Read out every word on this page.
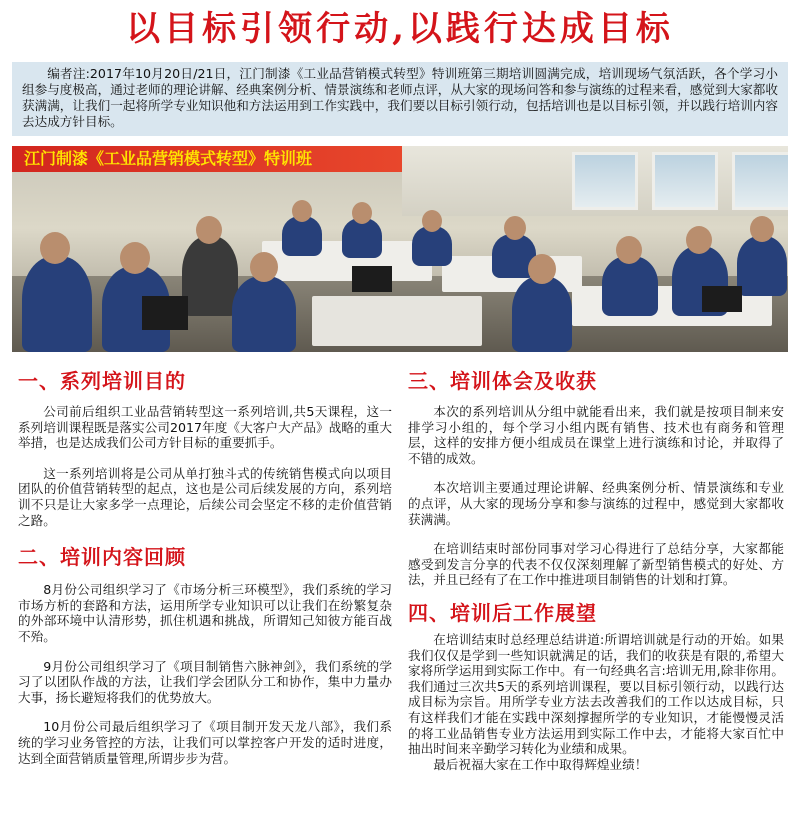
以目标引领行动,以践行达成目标
编者注:2017年10月20日/21日，江门制漆《工业品营销模式转型》特训班第三期培训圆满完成，培训现场气氛活跃，各个学习小组参与度极高，通过老师的理论讲解、经典案例分析、情景演练和老师点评，从大家的现场问答和参与演练的过程来看，感觉到大家都收获满满，让我们一起将所学专业知识他和方法运用到工作实践中，我们要以目标引领行动，包括培训也是以目标引领，并以践行培训内容去达成方针目标。
江门制漆《工业品营销模式转型》特训班
一、系列培训目的

公司前后组织工业品营销转型这一系列培训,共5天课程，这一系列培训课程既是落实公司2017年度《大客户大产品》战略的重大举措，也是达成我们公司方针目标的重要抓手。

这一系列培训将是公司从单打独斗式的传统销售模式向以项目团队的价值营销转型的起点，这也是公司后续发展的方向，系列培训不只是让大家多学一点理论，后续公司会坚定不移的走价值营销之路。

二、培训内容回顾

8月份公司组织学习了《市场分析三环模型》，我们系统的学习市场方析的套路和方法，运用所学专业知识可以让我们在纷繁复杂的外部环境中认清形势，抓住机遇和挑战，所谓知己知彼方能百战不殆。

9月份公司组织学习了《项目制销售六脉神剑》，我们系统的学习了以团队作战的方法，让我们学会团队分工和协作，集中力量办大事，扬长避短将我们的优势放大。

10月份公司最后组织学习了《项目制开发天龙八部》，我们系统的学习业务管控的方法，让我们可以掌控客户开发的适时进度，达到全面营销质量管理,所谓步步为营。

三、培训体会及收获

本次的系列培训从分组中就能看出来，我们就是按项目制来安排学习小组的，每个学习小组内既有销售、技术也有商务和管理层，这样的安排方便小组成员在课堂上进行演练和讨论，并取得了不错的成效。

本次培训主要通过理论讲解、经典案例分析、情景演练和专业的点评，从大家的现场分享和参与演练的过程中，感觉到大家都收获满满。

在培训结束时部份同事对学习心得进行了总结分享，大家都能感受到发言分享的代表不仅仅深刻理解了新型销售模式的好处、方法，并且已经有了在工作中推进项目制销售的计划和打算。

四、培训后工作展望

在培训结束时总经理总结讲道:所谓培训就是行动的开始。如果我们仅仅是学到一些知识就满足的话，我们的收获是有限的,希望大家将所学运用到实际工作中。有一句经典名言:培训无用,除非你用。我们通过三次共5天的系列培训课程，要以目标引领行动，以践行达成目标为宗旨。用所学专业方法去改善我们的工作以达成目标，只有这样我们才能在实践中深刻撑握所学的专业知识，才能慢慢灵活的将工业品销售专业方法运用到实际工作中去，才能将大家百忙中抽出时间来辛勤学习转化为业绩和成果。

最后祝福大家在工作中取得辉煌业绩！
